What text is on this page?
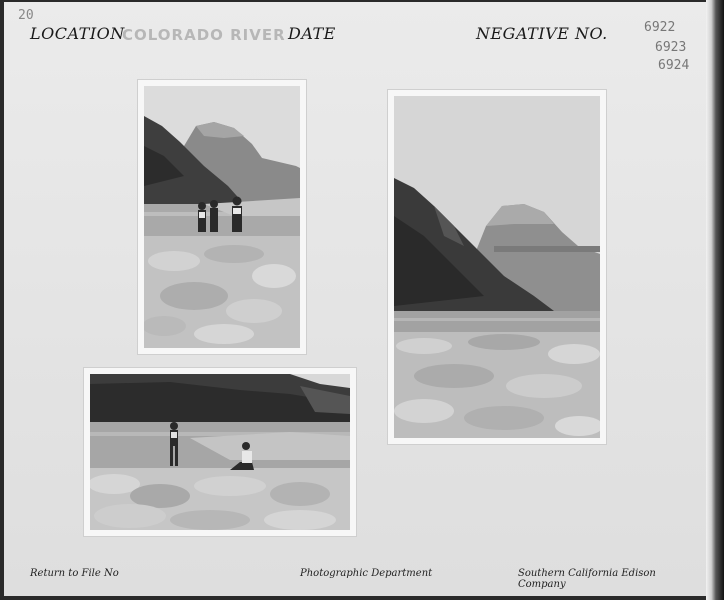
20
LOCATION
COLORADO RIVER DATE	NEGATIVE NO.	6922
6923
6924
Return to File No	Photographic Department	Southern California Edison Company
